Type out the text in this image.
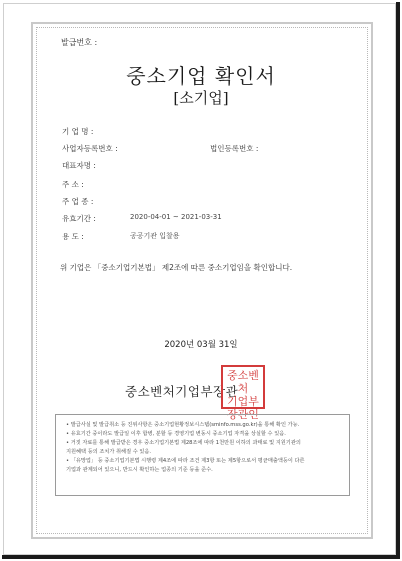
발급번호 :
중소기업 확인서
[소기업]
기 업 명 :
사업자등록번호 :	법인등록번호 :
대표자명 :
주 소 :
주 업 종 :
유효기간 :	2020-04-01 ~ 2021-03-31
용 도 :	공공기관 입찰용
위 기업은 「중소기업기본법」 제2조에 따른 중소기업임을 확인합니다.
2020년 03월 31일
중소벤처기업부장관
중소벤처
기업부
장관인
• 발급사실 및 발급취소 등 진위사항은 중소기업현황정보시스템(sminfo.mss.go.kr)을 통해 확인 가능.
• 유효기간 중이라도 발급일 이후 합병, 분할 등 경영기업 변동시 중소기업 자격을 상실할 수 있음.
• 거짓 자료를 통해 발급받은 경우 중소기업기본법 제28조에 따라 1천만원 이하의 과태료 및 지원기관의
지원혜택 등의 조치가 취해질 수 있음.
• 「유망업」 등 중소기업기본법 시행령 제4조에 따라 조건 제3항 또는 제5항으로서 평균매출액등이 다른
기업과 관계되어 있으니, 반드시 확인하는 업종의 기준 등을 준수.
